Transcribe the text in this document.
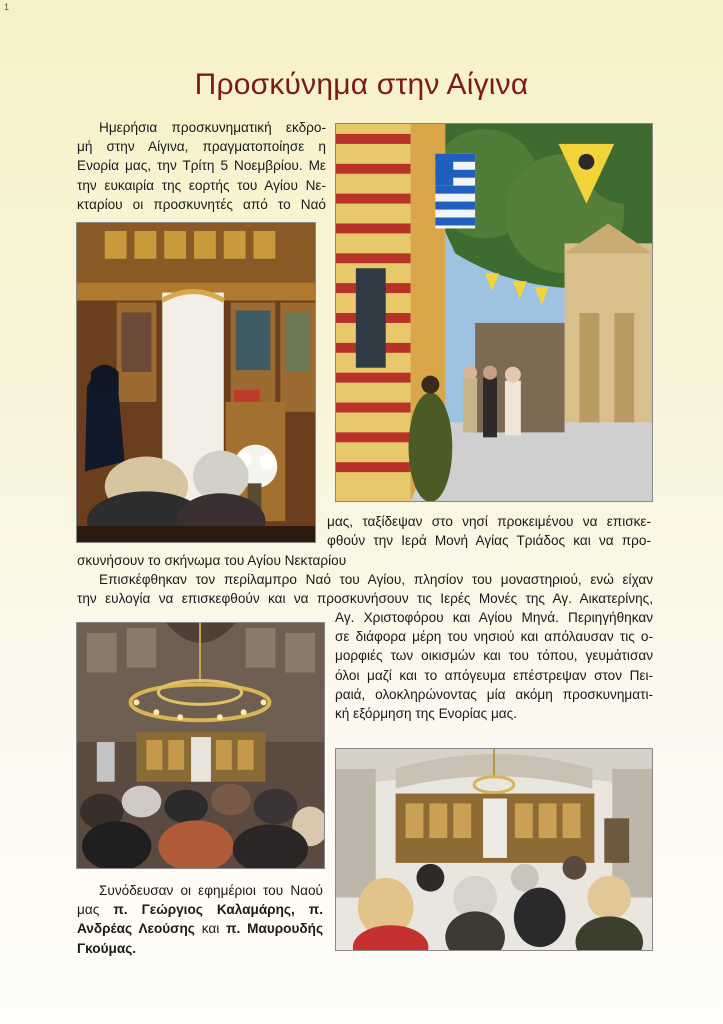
1
Προσκύνημα στην Αίγινα
Ημερήσια προσκυνηματική εκδρο-
μή στην Αίγινα, πραγματοποίησε η
Ενορία μας, την Τρίτη 5 Νοεμβρίου. Με
την ευκαιρία της εορτής του Αγίου Νε-
κταρίου οι προσκυνητές από το Ναό
μας, ταξίδεψαν στο νησί προκειμένου να επισκε-
φθούν την Ιερά Μονή Αγίας Τριάδος και να προ-
σκυνήσουν το σκήνωμα του Αγίου Νεκταρίου
Επισκέφθηκαν τον περίλαμπρο Ναό του Αγίου, πλησίον του μοναστηριού, ενώ είχαν
την ευλογία να επισκεφθούν και να προσκυνήσουν τις Ιερές Μονές της Αγ. Αικατερίνης,
Αγ. Χριστοφόρου και Αγίου Μηνά. Περιηγήθηκαν
σε διάφορα μέρη του νησιού και απόλαυσαν τις ο-
μορφιές των οικισμών και του τόπου, γευμάτισαν
όλοι μαζί και το απόγευμα επέστρεψαν στον Πει-
ραιά, ολοκληρώνοντας μία ακόμη προσκυνηματι-
κή εξόρμηση της Ενορίας μας.
Συνόδευσαν οι εφημέριοι του Ναού
μας π. Γεώργιος Καλαμάρης, π.
Ανδρέας Λεούσης και π. Μαυρουδής
Γκούμας.
